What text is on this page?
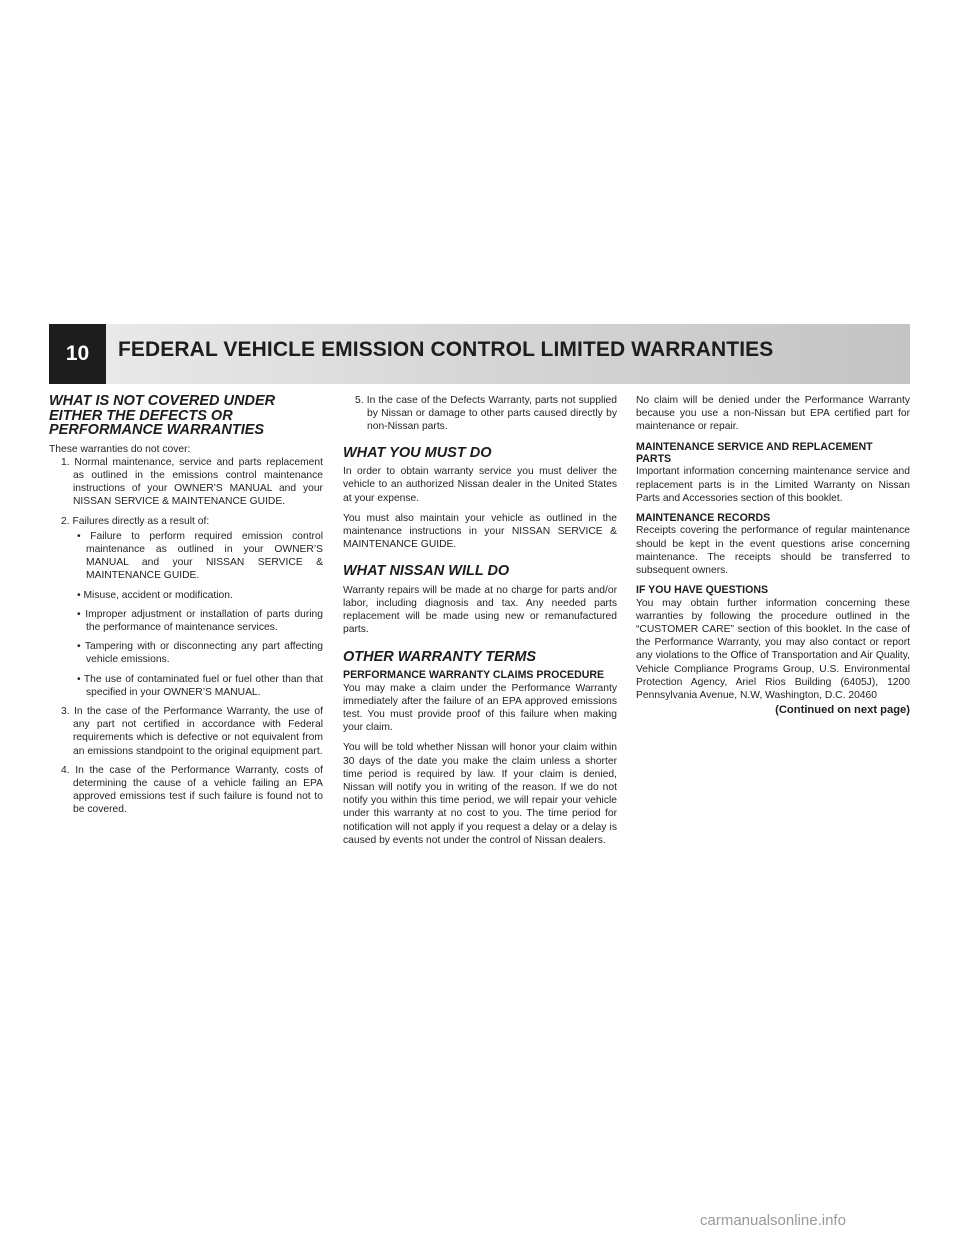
10	FEDERAL VEHICLE EMISSION CONTROL LIMITED WARRANTIES
WHAT IS NOT COVERED UNDER EITHER THE DEFECTS OR PERFORMANCE WARRANTIES

These warranties do not cover:

1. Normal maintenance, service and parts replacement as outlined in the emissions control maintenance instructions of your OWNER’S MANUAL and your NISSAN SERVICE & MAINTENANCE GUIDE.
2. Failures directly as a result of:
• Failure to perform required emission control maintenance as outlined in your OWNER’S MANUAL and your NISSAN SERVICE & MAINTENANCE GUIDE.
• Misuse, accident or modification.
• Improper adjustment or installation of parts during the performance of maintenance services.
• Tampering with or disconnecting any part affecting vehicle emissions.
• The use of contaminated fuel or fuel other than that specified in your OWNER’S MANUAL.
3. In the case of the Performance Warranty, the use of any part not certified in accordance with Federal requirements which is defective or not equivalent from an emissions standpoint to the original equipment part.
4. In the case of the Performance Warranty, costs of determining the cause of a vehicle failing an EPA approved emissions test if such failure is found not to be covered.
5. In the case of the Defects Warranty, parts not supplied by Nissan or damage to other parts caused directly by non-Nissan parts.
WHAT YOU MUST DO

In order to obtain warranty service you must deliver the vehicle to an authorized Nissan dealer in the United States at your expense.

You must also maintain your vehicle as outlined in the maintenance instructions in your NISSAN SERVICE & MAINTENANCE GUIDE.

WHAT NISSAN WILL DO

Warranty repairs will be made at no charge for parts and/or labor, including diagnosis and tax. Any needed parts replacement will be made using new or remanufactured parts.

OTHER WARRANTY TERMS
PERFORMANCE WARRANTY CLAIMS PROCEDURE

You may make a claim under the Performance Warranty immediately after the failure of an EPA approved emissions test. You must provide proof of this failure when making your claim.

You will be told whether Nissan will honor your claim within 30 days of the date you make the claim unless a shorter time period is required by law. If your claim is denied, Nissan will notify you in writing of the reason. If we do not notify you within this time period, we will repair your vehicle under this warranty at no cost to you. The time period for notification will not apply if you request a delay or a delay is caused by events not under the control of Nissan dealers.

No claim will be denied under the Performance Warranty because you use a non-Nissan but EPA certified part for maintenance or repair.

MAINTENANCE SERVICE AND REPLACEMENT PARTS

Important information concerning maintenance service and replacement parts is in the Limited Warranty on Nissan Parts and Accessories section of this booklet.

MAINTENANCE RECORDS

Receipts covering the performance of regular maintenance should be kept in the event questions arise concerning maintenance. The receipts should be transferred to subsequent owners.

IF YOU HAVE QUESTIONS

You may obtain further information concerning these warranties by following the procedure outlined in the “CUSTOMER CARE” section of this booklet. In the case of the Performance Warranty, you may also contact or report any violations to the Office of Transportation and Air Quality, Vehicle Compliance Programs Group, U.S. Environmental Protection Agency, Ariel Rios Building (6405J), 1200 Pennsylvania Avenue, N.W, Washington, D.C. 20460

(Continued on next page)
carmanualsonline.info
